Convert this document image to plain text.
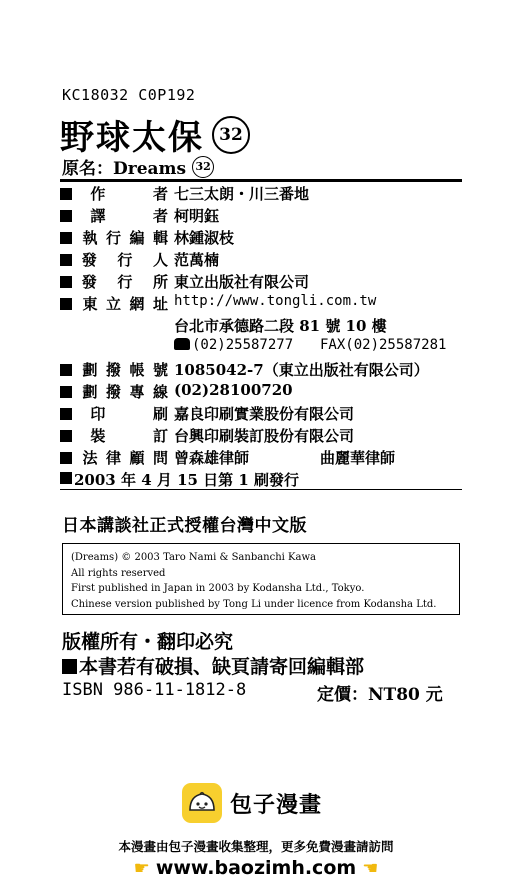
KC18032 C0P192
野球太保 32
原名：Dreams 32
作　者 七三太朗・川三番地
譯　者 柯明鈺
執行編輯 林鍾淑枝
發 行 人 范萬楠
發 行 所 東立出版社有限公司
東立網址 http://www.tongli.com.tw
台北市承德路二段 81 號 10 樓
(02)25587277 FAX(02)25587281
劃撥帳號 1085042-7（東立出版社有限公司）
劃撥專線 (02)28100720
印　刷 嘉良印刷實業股份有限公司
裝　訂 台興印刷裝訂股份有限公司
法律顧問 曾森雄律師	曲麗華律師
2003 年 4 月 15 日第 1 刷發行
日本講談社正式授權台灣中文版
(Dreams) © 2003 Taro Nami & Sanbanchi Kawa
All rights reserved
First published in Japan in 2003 by Kodansha Ltd., Tokyo.
Chinese version published by Tong Li under licence from Kodansha Ltd.
版權所有・翻印必究
本書若有破損、缺頁請寄回編輯部
ISBN 986-11-1812-8	定價：NT80 元
包子漫畫
本漫畫由包子漫畫收集整理，更多免費漫畫請訪問
☛ www.baozimh.com ☚
